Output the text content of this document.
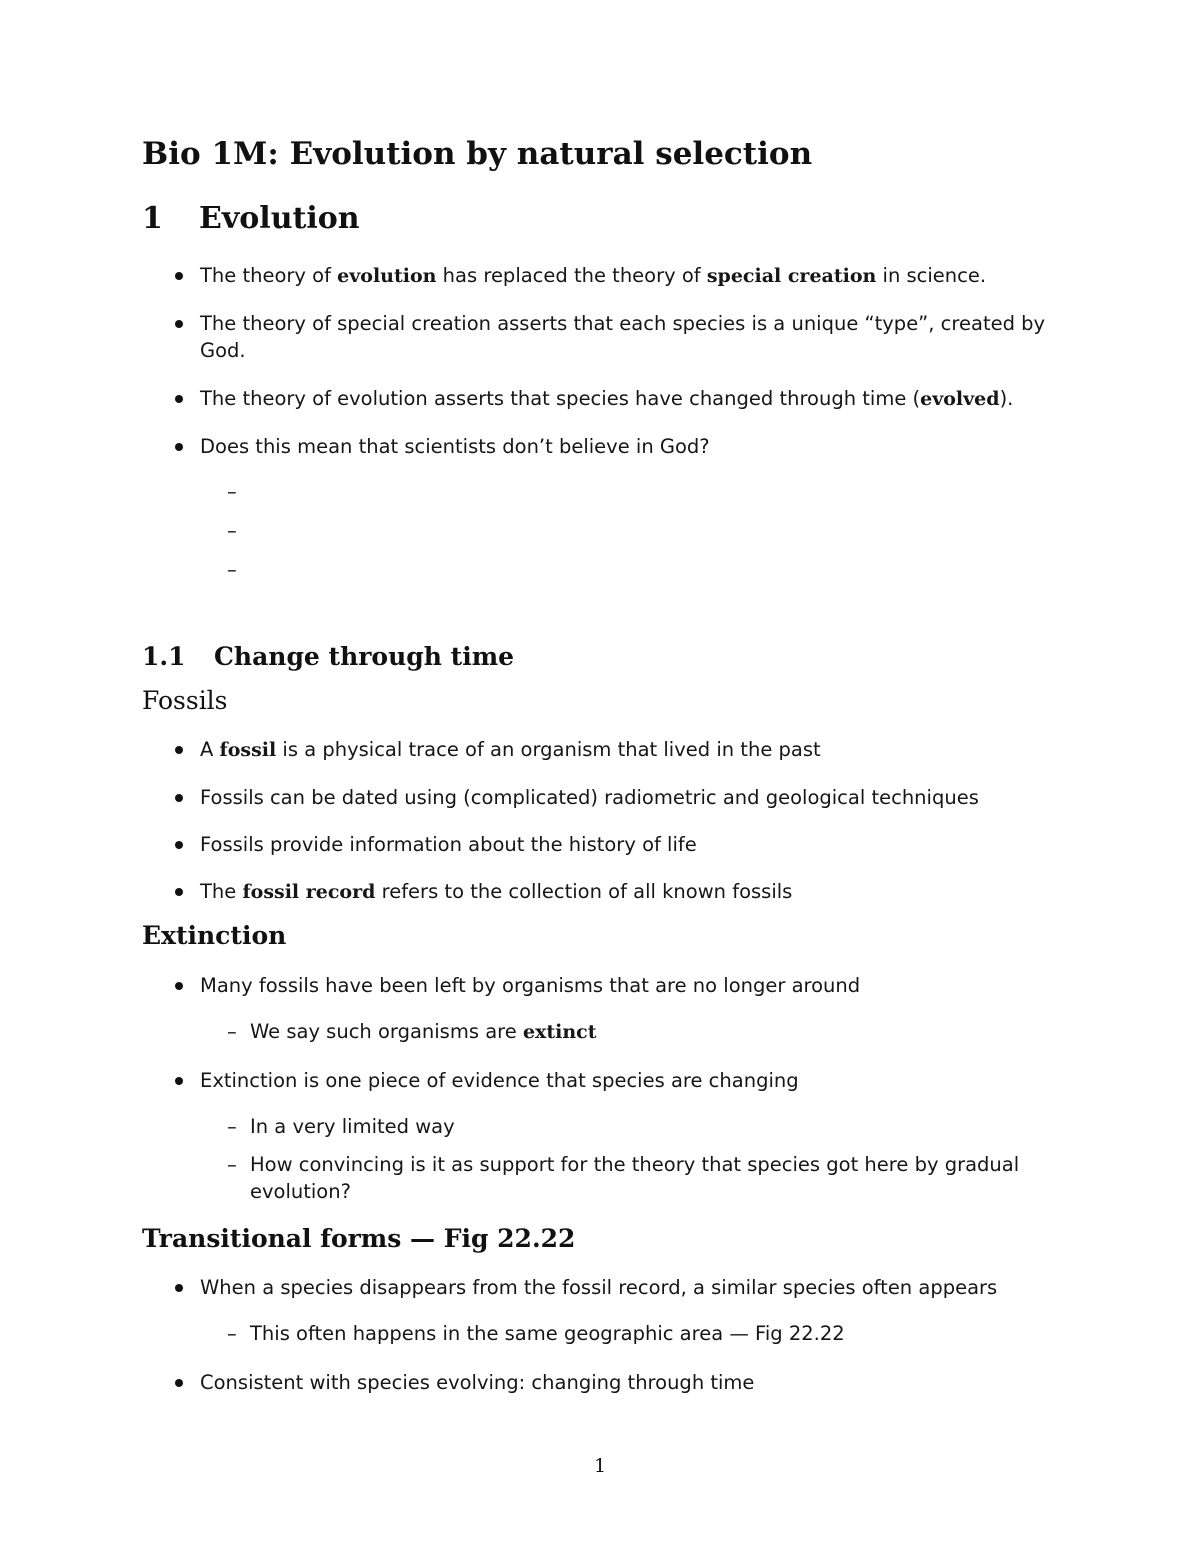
Bio 1M: Evolution by natural selection
1 Evolution
The theory of evolution has replaced the theory of special creation in science.
The theory of special creation asserts that each species is a unique “type”, created by
God.
The theory of evolution asserts that species have changed through time (evolved).
Does this mean that scientists don’t believe in God?
–
–
–
1.1 Change through time
Fossils
A fossil is a physical trace of an organism that lived in the past
Fossils can be dated using (complicated) radiometric and geological techniques
Fossils provide information about the history of life
The fossil record refers to the collection of all known fossils
Extinction
Many fossils have been left by organisms that are no longer around
– We say such organisms are extinct
Extinction is one piece of evidence that species are changing
– In a very limited way
– How convincing is it as support for the theory that species got here by gradual
evolution?
Transitional forms — Fig 22.22
When a species disappears from the fossil record, a similar species often appears
– This often happens in the same geographic area — Fig 22.22
Consistent with species evolving: changing through time
1
